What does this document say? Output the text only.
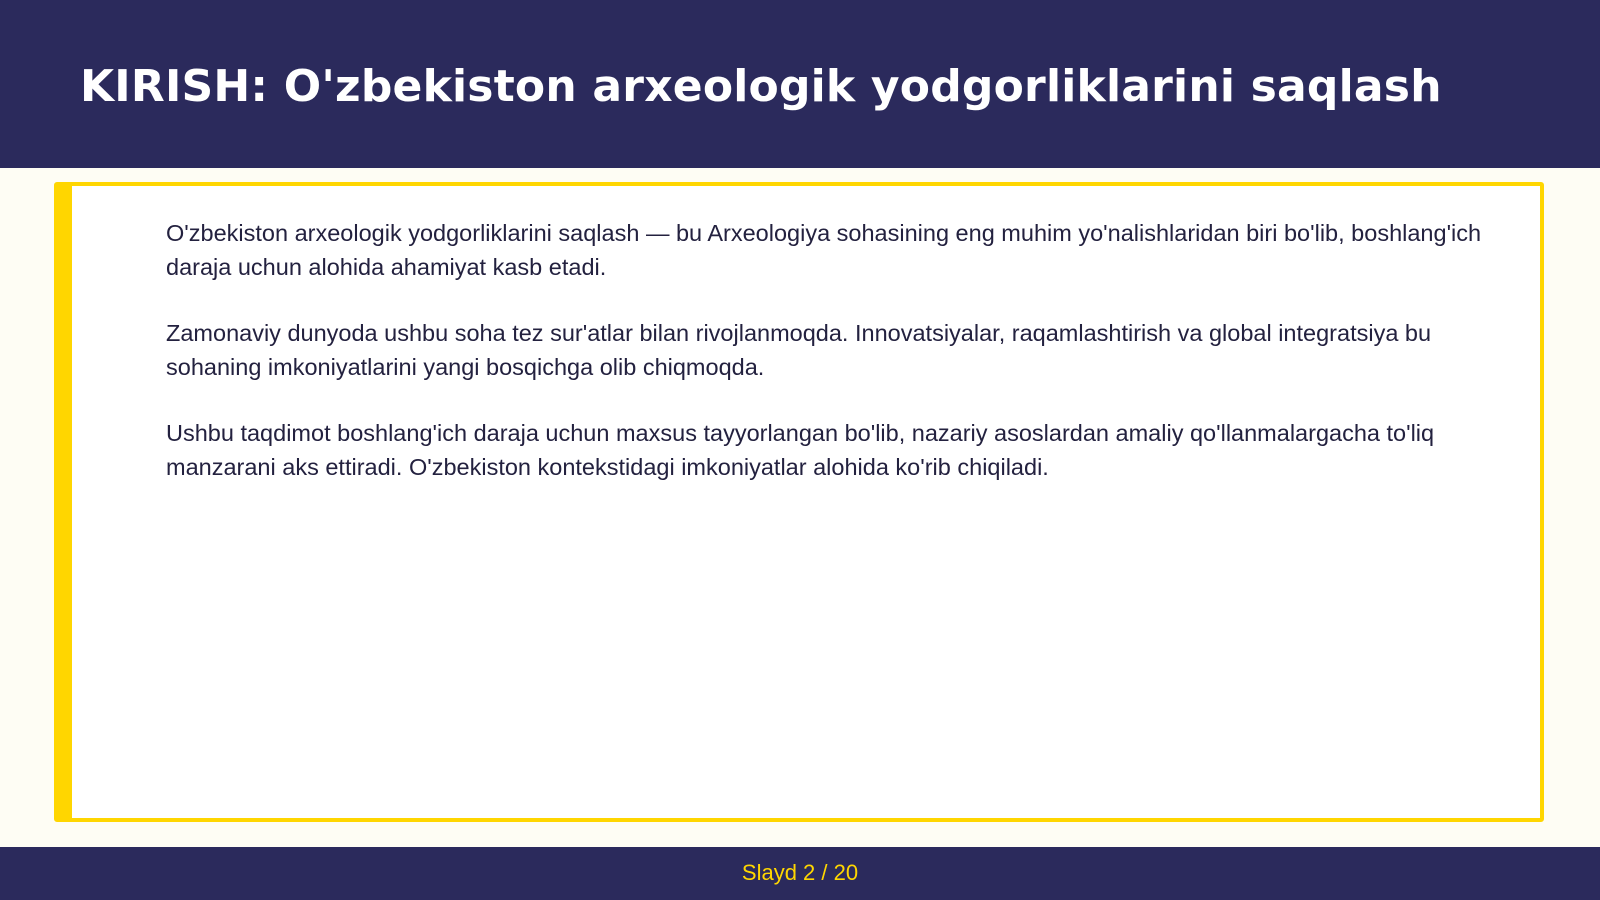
KIRISH: O'zbekiston arxeologik yodgorliklarini saqlash

O'zbekiston arxeologik yodgorliklarini saqlash — bu Arxeologiya sohasining eng muhim yo'nalishlaridan biri bo'lib, boshlang'ich daraja uchun alohida ahamiyat kasb etadi.

Zamonaviy dunyoda ushbu soha tez sur'atlar bilan rivojlanmoqda. Innovatsiyalar, raqamlashtirish va global integratsiya bu sohaning imkoniyatlarini yangi bosqichga olib chiqmoqda.

Ushbu taqdimot boshlang'ich daraja uchun maxsus tayyorlangan bo'lib, nazariy asoslardan amaliy qo'llanmalargacha to'liq manzarani aks ettiradi. O'zbekiston kontekstidagi imkoniyatlar alohida ko'rib chiqiladi.

Slayd 2 / 20
